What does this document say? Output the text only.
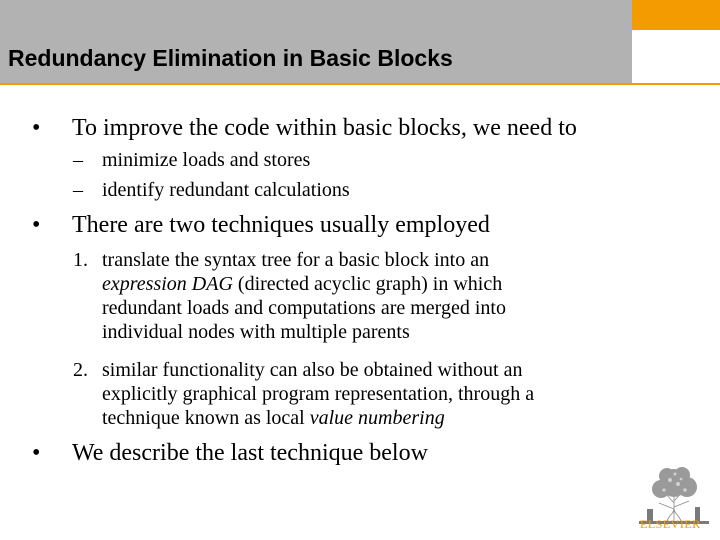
Redundancy Elimination in Basic Blocks
• To improve the code within basic blocks, we need to
– minimize loads and stores
– identify redundant calculations
• There are two techniques usually employed
1. translate the syntax tree for a basic block into an
expression DAG (directed acyclic graph) in which
redundant loads and computations are merged into
individual nodes with multiple parents
2. similar functionality can also be obtained without an
explicitly graphical program representation, through a
technique known as local value numbering
• We describe the last technique below
ELSEVIER
